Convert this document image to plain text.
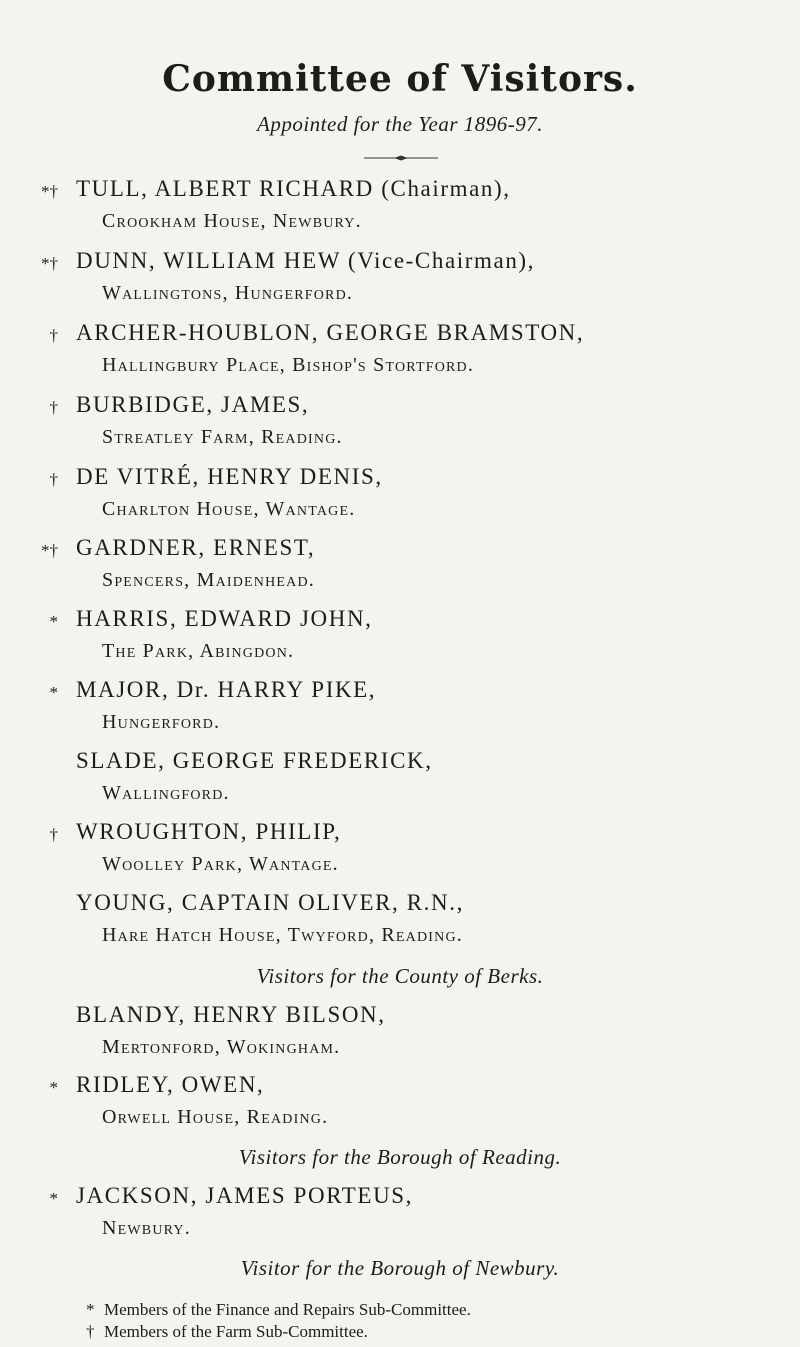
Committee of Visitors.
Appointed for the Year 1896-97.
*† TULL, ALBERT RICHARD (Chairman),
Crookham House, Newbury.
*† DUNN, WILLIAM HEW (Vice-Chairman),
Wallingtons, Hungerford.
† ARCHER-HOUBLON, GEORGE BRAMSTON,
Hallingbury Place, Bishop's Stortford.
† BURBIDGE, JAMES,
Streatley Farm, Reading.
† DE VITRÉ, HENRY DENIS,
Charlton House, Wantage.
*† GARDNER, ERNEST,
Spencers, Maidenhead.
* HARRIS, EDWARD JOHN,
The Park, Abingdon.
* MAJOR, Dr. HARRY PIKE,
Hungerford.
SLADE, GEORGE FREDERICK,
Wallingford.
† WROUGHTON, PHILIP,
Woolley Park, Wantage.
YOUNG, CAPTAIN OLIVER, R.N.,
Hare Hatch House, Twyford, Reading.
Visitors for the County of Berks.
BLANDY, HENRY BILSON,
Mertonford, Wokingham.
* RIDLEY, OWEN,
Orwell House, Reading.
Visitors for the Borough of Reading.
* JACKSON, JAMES PORTEUS,
Newbury.
Visitor for the Borough of Newbury.
* Members of the Finance and Repairs Sub-Committee.
† Members of the Farm Sub-Committee.
